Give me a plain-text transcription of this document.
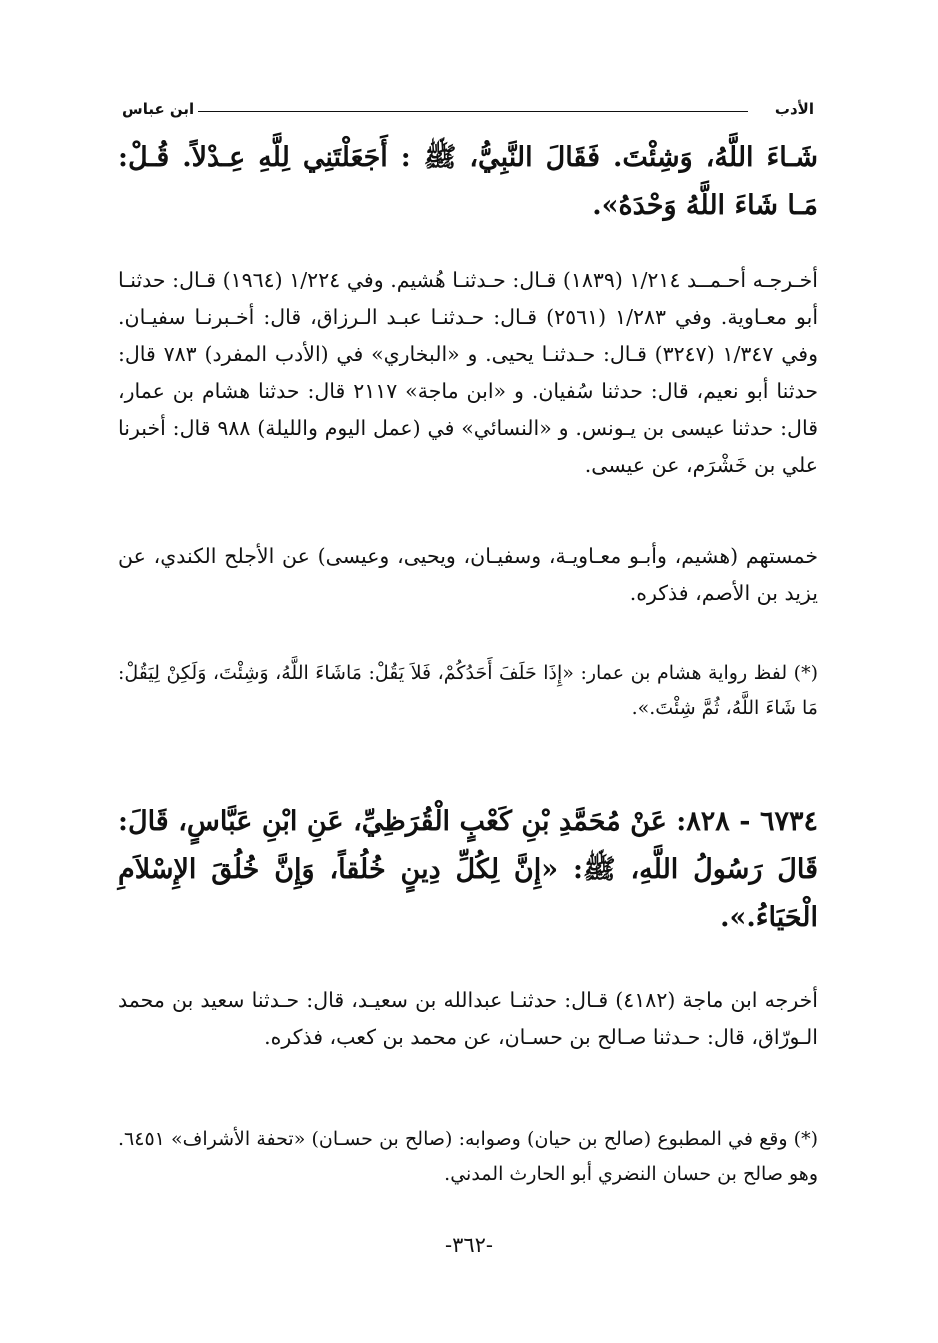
الأدب
ابن عباس

شَـاءَ اللَّهُ، وَشِئْتَ. فَقَالَ النَّبِيُّ، ﷺ : أَجَعَلْتَنِي لِلَّهِ عِـدْلاً. قُـلْ: مَـا شَاءَ اللَّهُ وَحْدَهُ».

أخـرجـه أحـمــد ١/٢١٤ (١٨٣٩) قـال: حـدثنـا هُشيم. وفي ١/٢٢٤ (١٩٦٤) قـال: حدثنـا أبو معـاوية. وفي ١/٢٨٣ (٢٥٦١) قـال: حـدثنـا عبـد الـرزاق، قال: أخـبرنـا سفيـان. وفي ١/٣٤٧ (٣٢٤٧) قـال: حـدثنـا يحيى. و «البخاري» في (الأدب المفرد) ٧٨٣ قال: حدثنا أبو نعيم، قال: حدثنا سُفيان. و «ابن ماجة» ٢١١٧ قال: حدثنا هشام بن عمار، قال: حدثنا عيسى بن يـونس. و «النسائي» في (عمل اليوم والليلة) ٩٨٨ قال: أخبرنا علي بن خَشْرَم، عن عيسى.

خمستهم (هشيم، وأبـو معـاويـة، وسفيـان، ويحيى، وعيسى) عن الأجلح الكندي، عن يزيد بن الأصم، فذكره.

(*) لفظ رواية هشام بن عمار: «إِذَا حَلَفَ أَحَدُكُمْ، فَلاَ يَقُلْ: مَاشَاءَ اللَّهُ، وَشِئْتَ، وَلَكِنْ لِيَقُلْ: مَا شَاءَ اللَّهُ، ثُمَّ شِئْتَ.».

٦٧٣٤ - ٨٢٨: عَنْ مُحَمَّدِ بْنِ كَعْبٍ الْقُرَظِيِّ، عَنِ ابْنِ عَبَّاسٍ، قَالَ: قَالَ رَسُولُ اللَّهِ، ﷺ: «إِنَّ لِكُلِّ دِينٍ خُلُقاً، وَإِنَّ خُلُقَ الإِسْلاَمِ الْحَيَاءُ.».

أخرجه ابن ماجة (٤١٨٢) قـال: حدثنـا عبدالله بن سعيـد، قال: حـدثنا سعيد بن محمد الـورّاق، قال: حـدثنا صـالح بن حسـان، عن محمد بن كعب، فذكره.

(*) وقع في المطبوع (صالح بن حيان) وصوابه: (صالح بن حسـان) «تحفة الأشراف» ٦٤٥١. وهو صالح بن حسان النضري أبو الحارث المدني.

-٣٦٢-
